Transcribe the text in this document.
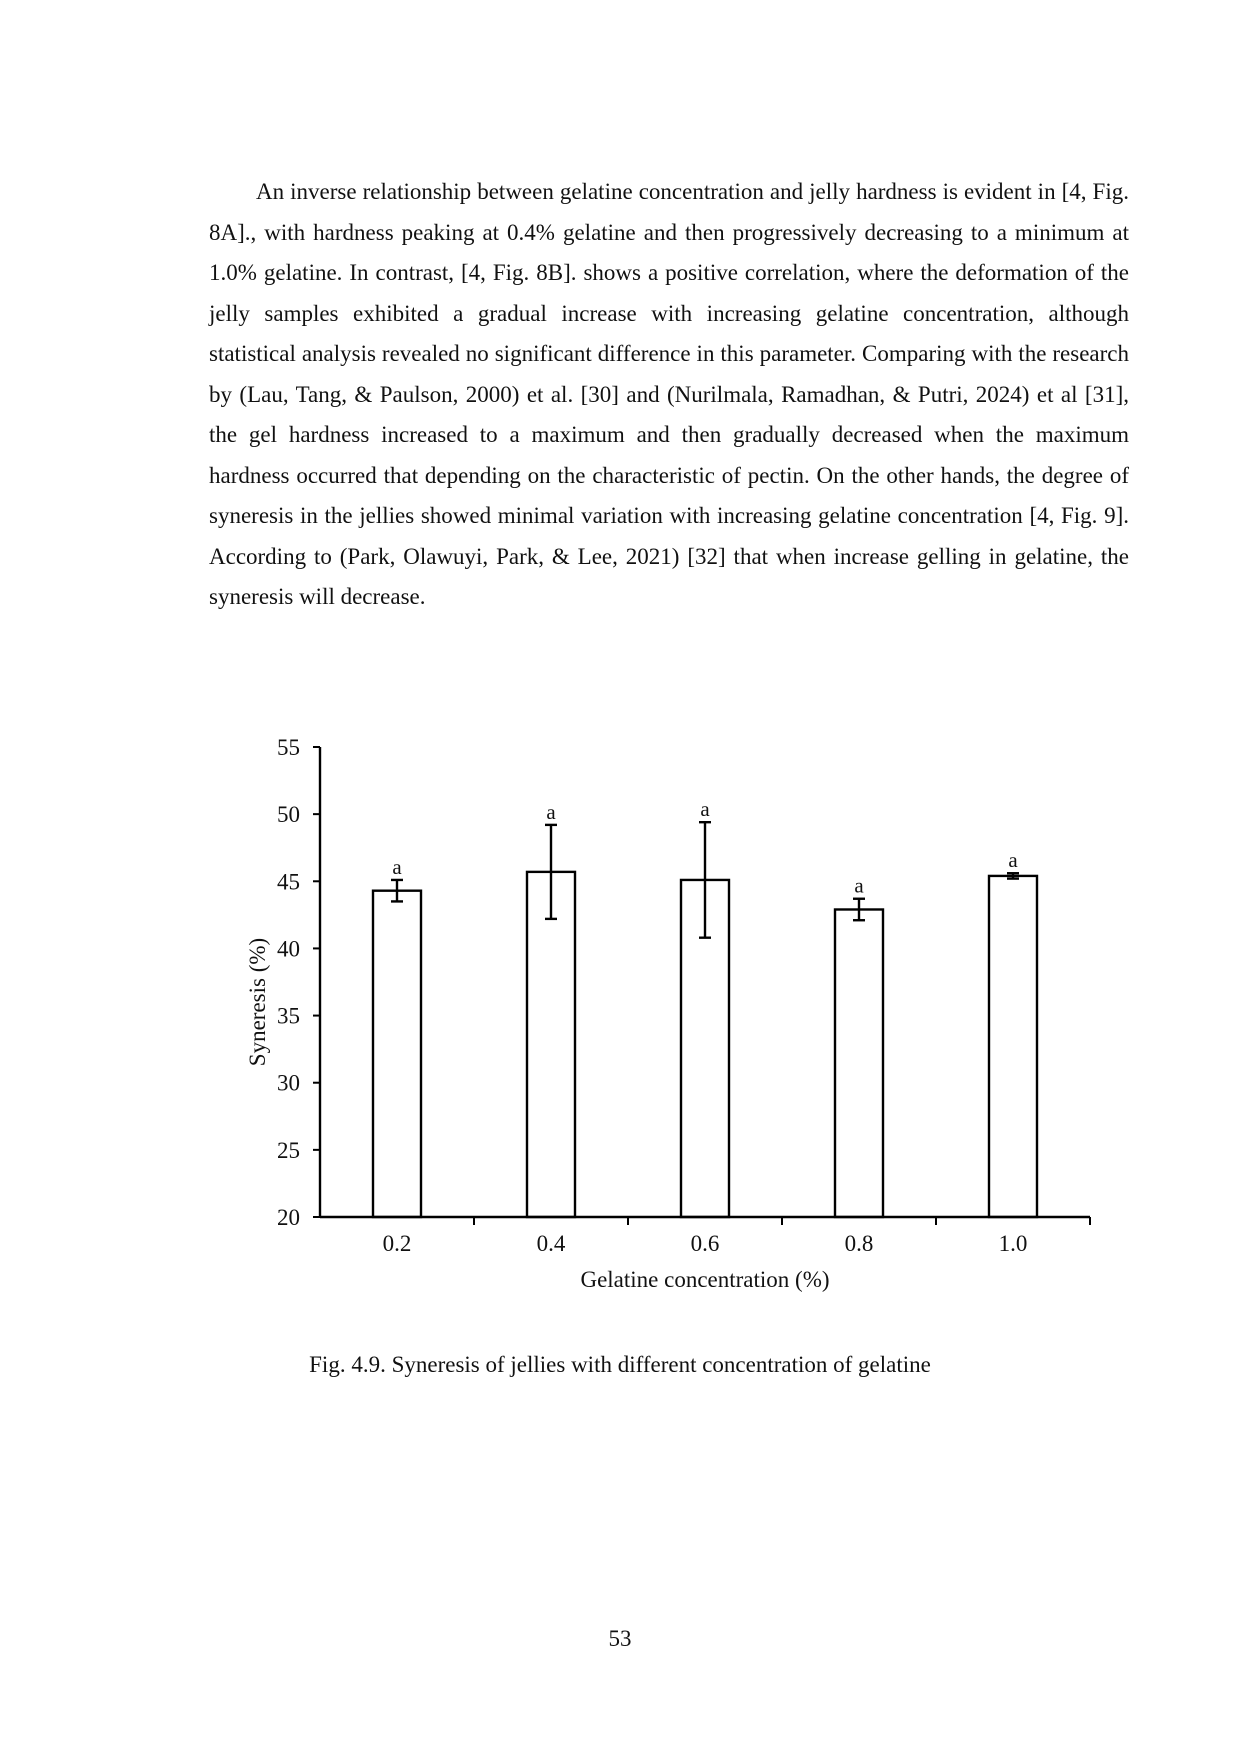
An inverse relationship between gelatine concentration and jelly hardness is evident in [4, Fig. 8A]., with hardness peaking at 0.4% gelatine and then progressively decreasing to a minimum at 1.0% gelatine. In contrast, [4, Fig. 8B]. shows a positive correlation, where the deformation of the jelly samples exhibited a gradual increase with increasing gelatine concentration, although statistical analysis revealed no significant difference in this parameter. Comparing with the research by (Lau, Tang, & Paulson, 2000) et al. [30] and (Nurilmala, Ramadhan, & Putri, 2024) et al [31], the gel hardness increased to a maximum and then gradually decreased when the maximum hardness occurred that depending on the characteristic of pectin. On the other hands, the degree of syneresis in the jellies showed minimal variation with increasing gelatine concentration [4, Fig. 9]. According to (Park, Olawuyi, Park, & Lee, 2021) [32] that when increase gelling in gelatine, the syneresis will decrease.

a
a	a
a
a
20
25
30
35
40
45
50
55
0.2	0.4	0.6	0.8	1.0
Gelatine concentration (%)
Syneresis (%)
Fig. 4.9. Syneresis of jellies with different concentration of gelatine
53
